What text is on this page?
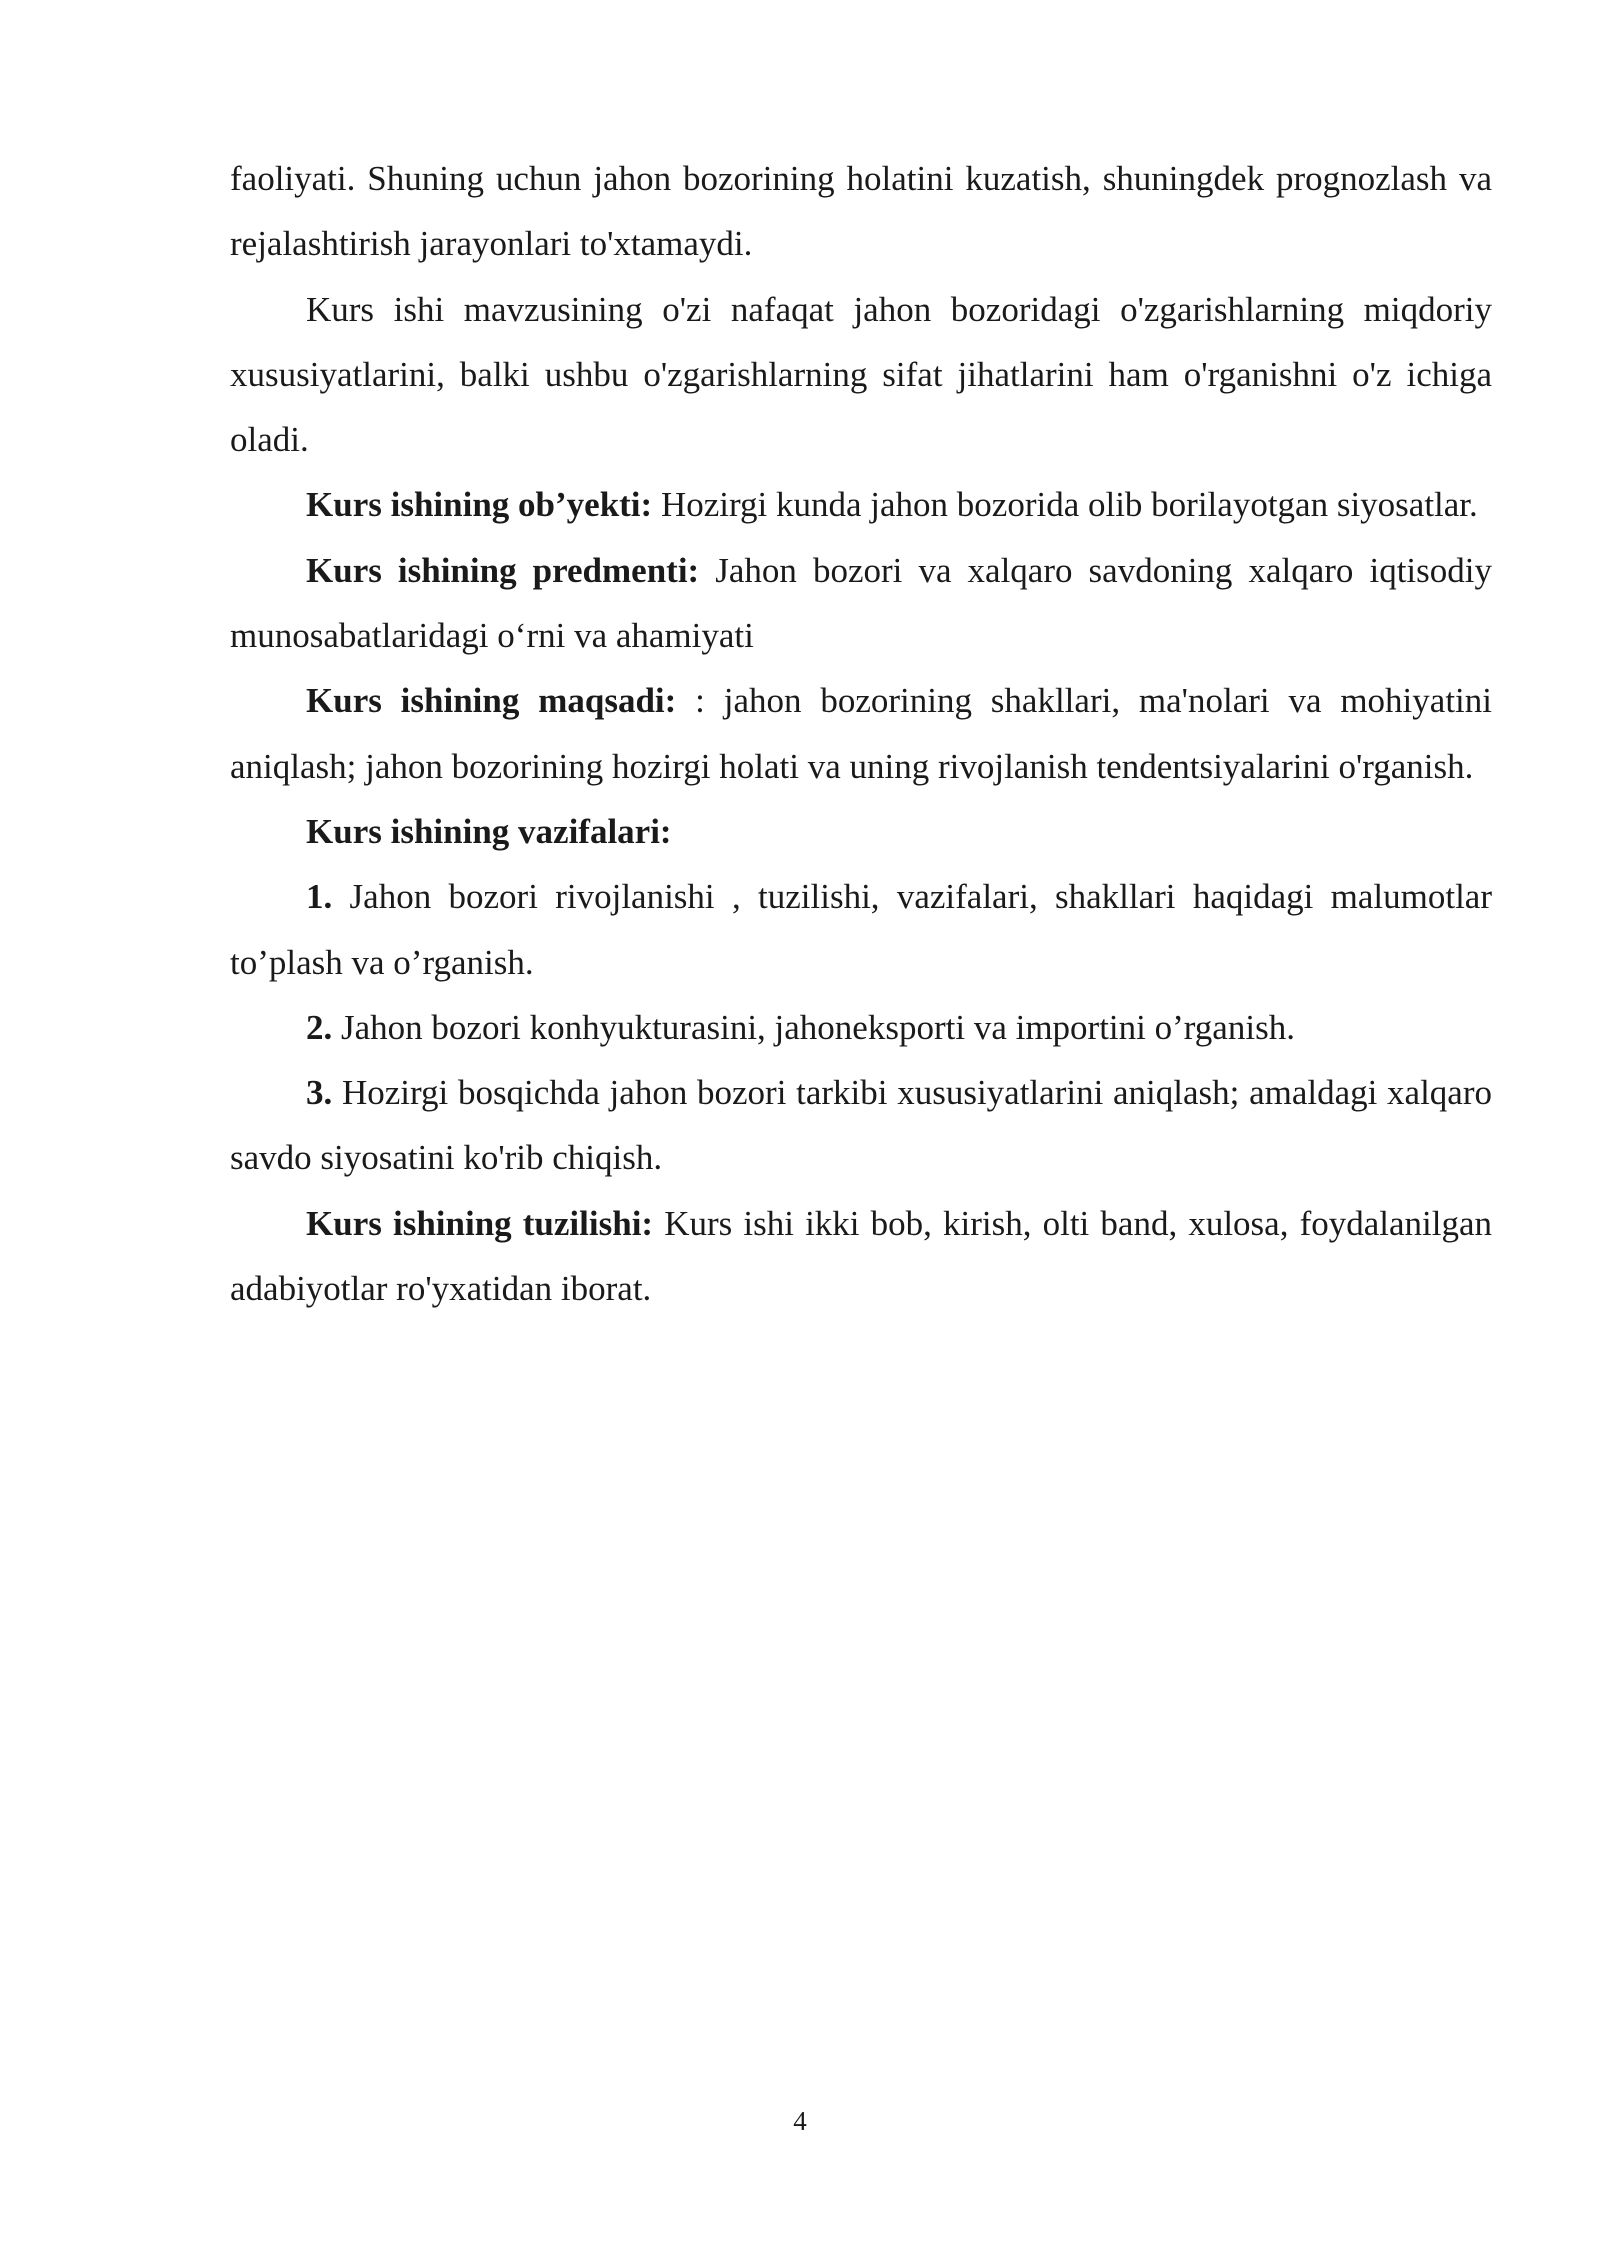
faoliyati. Shuning uchun jahon bozorining holatini kuzatish, shuningdek prognozlash va rejalashtirish jarayonlari to'xtamaydi.

Kurs ishi mavzusining o'zi nafaqat jahon bozoridagi o'zgarishlarning miqdoriy xususiyatlarini, balki ushbu o'zgarishlarning sifat jihatlarini ham o'rganishni o'z ichiga oladi.

Kurs ishining ob’yekti: Hozirgi kunda jahon bozorida olib borilayotgan siyosatlar.

Kurs ishining predmenti: Jahon bozori va xalqaro savdoning xalqaro iqtisodiy munosabatlaridagi o‘rni va ahamiyati

Kurs ishining maqsadi: : jahon bozorining shakllari, ma'nolari va mohiyatini aniqlash; jahon bozorining hozirgi holati va uning rivojlanish tendentsiyalarini o'rganish.

Kurs ishining vazifalari:

1. Jahon bozori rivojlanishi , tuzilishi, vazifalari, shakllari haqidagi malumotlar to’plash va o’rganish.

2. Jahon bozori konhyukturasini, jahoneksporti va importini o’rganish.

3. Hozirgi bosqichda jahon bozori tarkibi xususiyatlarini aniqlash; amaldagi xalqaro savdo siyosatini ko'rib chiqish.

Kurs ishining tuzilishi: Kurs ishi ikki bob, kirish, olti band, xulosa, foydalanilgan adabiyotlar ro'yxatidan iborat.

4
